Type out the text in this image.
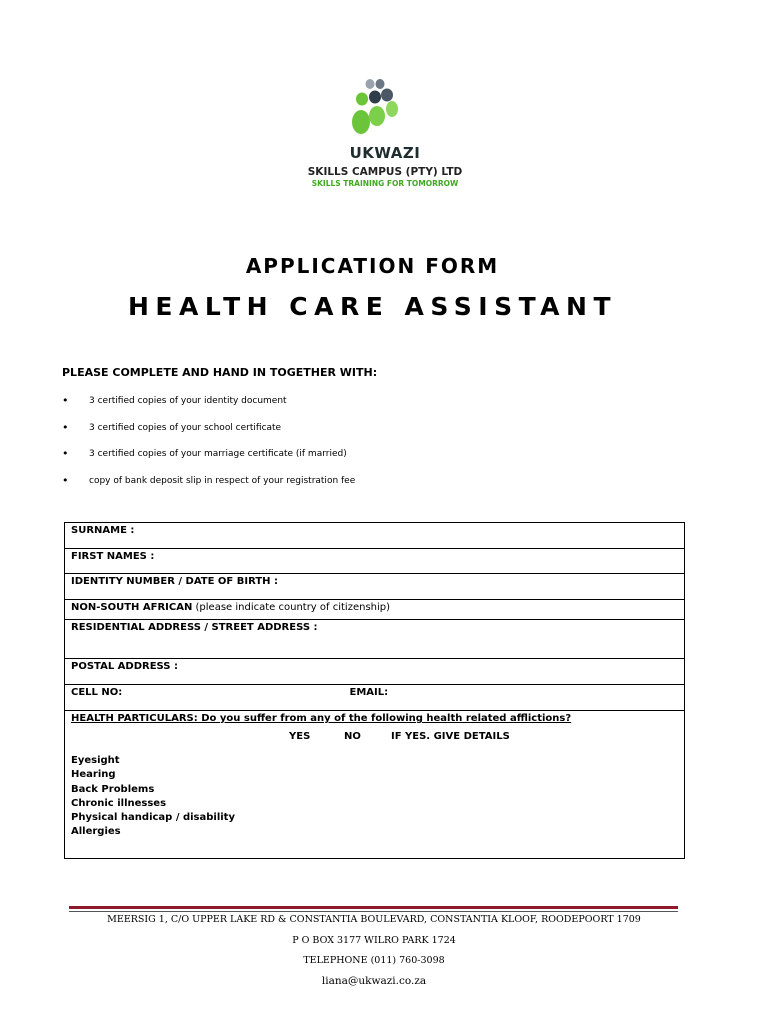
UKWAZI
SKILLS CAMPUS (PTY) LTD
SKILLS TRAINING FOR TOMORROW
APPLICATION FORM
HEALTH CARE ASSISTANT
PLEASE COMPLETE AND HAND IN TOGETHER WITH:
• 3 certified copies of your identity document
• 3 certified copies of your school certificate
• 3 certified copies of your marriage certificate (if married)
• copy of bank deposit slip in respect of your registration fee
SURNAME :
FIRST NAMES :
IDENTITY NUMBER / DATE OF BIRTH :
NON-SOUTH AFRICAN (please indicate country of citizenship)
RESIDENTIAL ADDRESS / STREET ADDRESS :
POSTAL ADDRESS :
CELL NO:	EMAIL:

HEALTH PARTICULARS: Do you suffer from any of the following health related afflictions?
YES	NO	IF YES. GIVE DETAILS
Eyesight
Hearing
Back Problems
Chronic illnesses
Physical handicap / disability
Allergies
MEERSIG 1, C/O UPPER LAKE RD & CONSTANTIA BOULEVARD, CONSTANTIA KLOOF, ROODEPOORT 1709
P O BOX 3177 WILRO PARK 1724
TELEPHONE (011) 760-3098
liana@ukwazi.co.za
